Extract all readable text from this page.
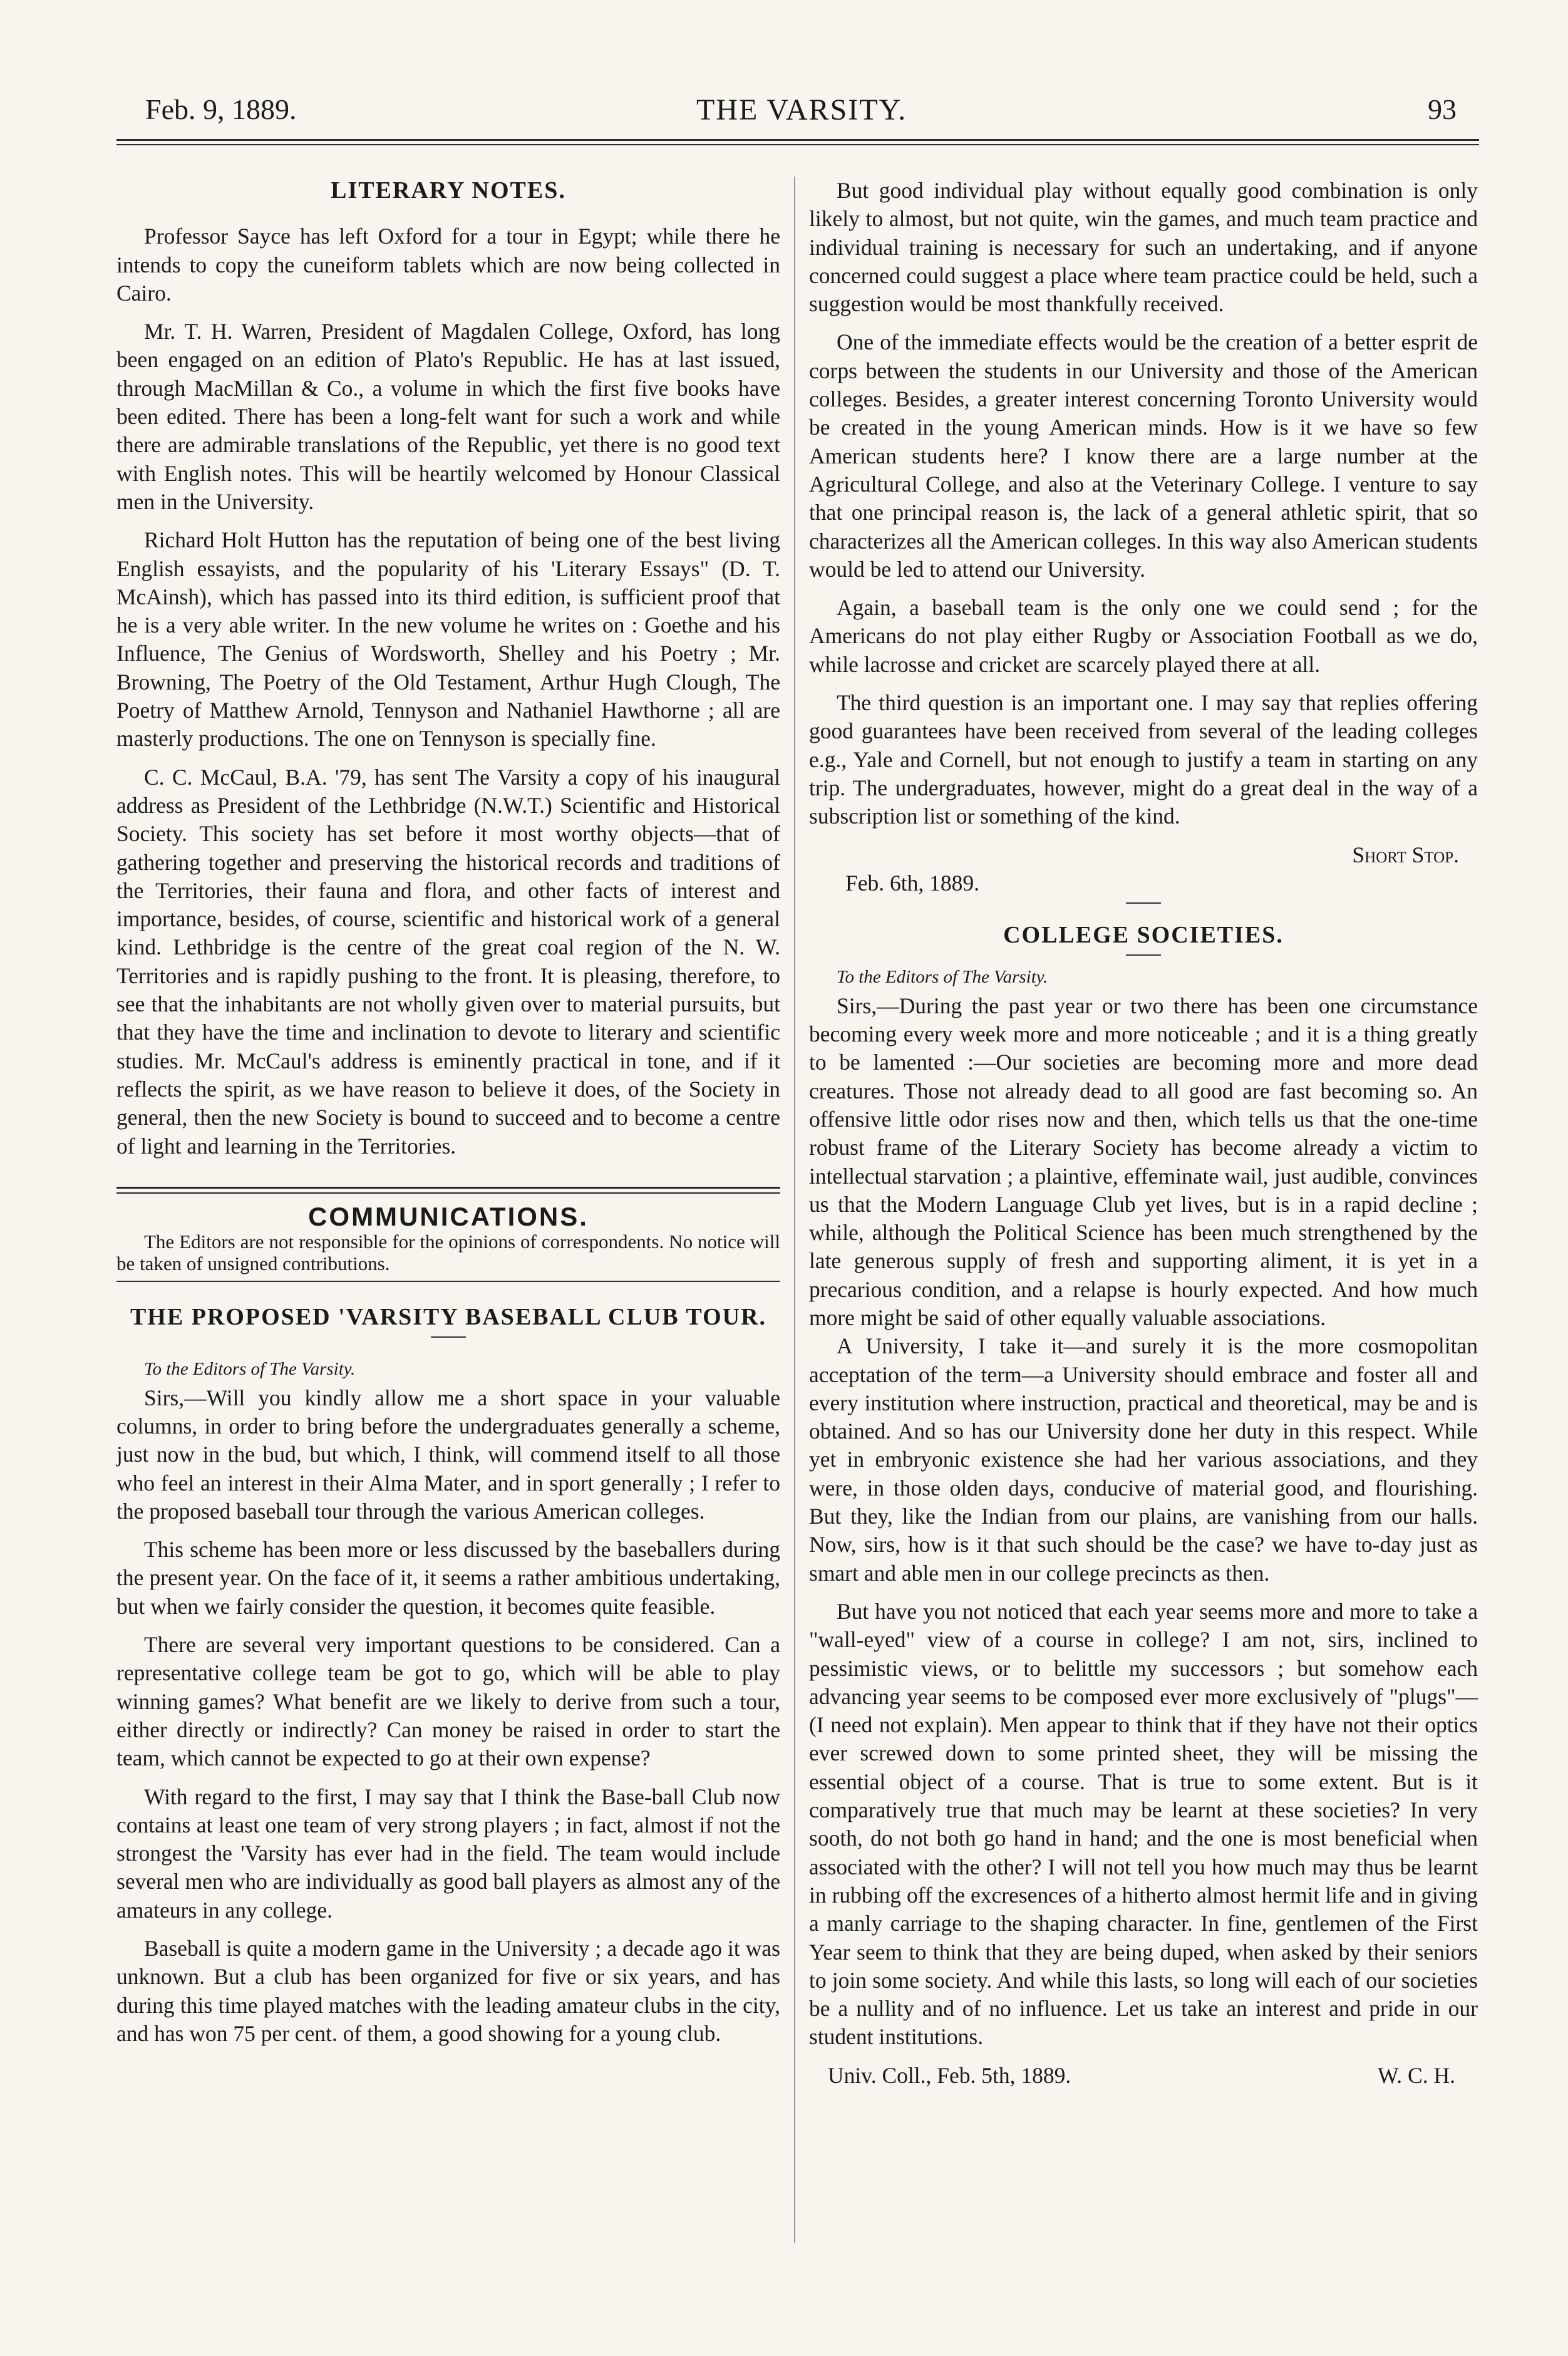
Feb. 9, 1889.	THE VARSITY.	93
LITERARY NOTES.

Professor Sayce has left Oxford for a tour in Egypt; while there he intends to copy the cuneiform tablets which are now being collected in Cairo.

Mr. T. H. Warren, President of Magdalen College, Oxford, has long been engaged on an edition of Plato's Republic. He has at last issued, through MacMillan & Co., a volume in which the first five books have been edited. There has been a long-felt want for such a work and while there are admirable translations of the Republic, yet there is no good text with English notes. This will be heartily welcomed by Honour Classical men in the University.

Richard Holt Hutton has the reputation of being one of the best living English essayists, and the popularity of his 'Literary Essays" (D. T. McAinsh), which has passed into its third edition, is sufficient proof that he is a very able writer. In the new volume he writes on : Goethe and his Influence, The Genius of Wordsworth, Shelley and his Poetry ; Mr. Browning, The Poetry of the Old Testament, Arthur Hugh Clough, The Poetry of Matthew Arnold, Tennyson and Nathaniel Hawthorne ; all are masterly productions. The one on Tennyson is specially fine.

C. C. McCaul, B.A. '79, has sent The Varsity a copy of his inaugural address as President of the Lethbridge (N.W.T.) Scientific and Historical Society. This society has set before it most worthy objects—that of gathering together and preserving the historical records and traditions of the Territories, their fauna and flora, and other facts of interest and importance, besides, of course, scientific and historical work of a general kind. Lethbridge is the centre of the great coal region of the N. W. Territories and is rapidly pushing to the front. It is pleasing, therefore, to see that the inhabitants are not wholly given over to material pursuits, but that they have the time and inclination to devote to literary and scientific studies. Mr. McCaul's address is eminently practical in tone, and if it reflects the spirit, as we have reason to believe it does, of the Society in general, then the new Society is bound to succeed and to become a centre of light and learning in the Territories.

COMMUNICATIONS.

The Editors are not responsible for the opinions of correspondents. No notice will be taken of unsigned contributions.

THE PROPOSED 'VARSITY BASEBALL CLUB TOUR.

To the Editors of The Varsity.

Sirs,—Will you kindly allow me a short space in your valuable columns, in order to bring before the undergraduates generally a scheme, just now in the bud, but which, I think, will commend itself to all those who feel an interest in their Alma Mater, and in sport generally ; I refer to the proposed baseball tour through the various American colleges.

This scheme has been more or less discussed by the baseballers during the present year. On the face of it, it seems a rather ambitious undertaking, but when we fairly consider the question, it becomes quite feasible.

There are several very important questions to be considered. Can a representative college team be got to go, which will be able to play winning games? What benefit are we likely to derive from such a tour, either directly or indirectly? Can money be raised in order to start the team, which cannot be expected to go at their own expense?

With regard to the first, I may say that I think the Base-ball Club now contains at least one team of very strong players ; in fact, almost if not the strongest the 'Varsity has ever had in the field. The team would include several men who are individually as good ball players as almost any of the amateurs in any college.

Baseball is quite a modern game in the University ; a decade ago it was unknown. But a club has been organized for five or six years, and has during this time played matches with the leading amateur clubs in the city, and has won 75 per cent. of them, a good showing for a young club.

But good individual play without equally good combination is only likely to almost, but not quite, win the games, and much team practice and individual training is necessary for such an undertaking, and if anyone concerned could suggest a place where team practice could be held, such a suggestion would be most thankfully received.

One of the immediate effects would be the creation of a better esprit de corps between the students in our University and those of the American colleges. Besides, a greater interest concerning Toronto University would be created in the young American minds. How is it we have so few American students here? I know there are a large number at the Agricultural College, and also at the Veterinary College. I venture to say that one principal reason is, the lack of a general athletic spirit, that so characterizes all the American colleges. In this way also American students would be led to attend our University.

Again, a baseball team is the only one we could send ; for the Americans do not play either Rugby or Association Football as we do, while lacrosse and cricket are scarcely played there at all.

The third question is an important one. I may say that replies offering good guarantees have been received from several of the leading colleges e.g., Yale and Cornell, but not enough to justify a team in starting on any trip. The undergraduates, however, might do a great deal in the way of a subscription list or something of the kind.

Short Stop.

Feb. 6th, 1889.

COLLEGE SOCIETIES.

To the Editors of The Varsity.

Sirs,—During the past year or two there has been one circumstance becoming every week more and more noticeable ; and it is a thing greatly to be lamented :—Our societies are becoming more and more dead creatures. Those not already dead to all good are fast becoming so. An offensive little odor rises now and then, which tells us that the one-time robust frame of the Literary Society has become already a victim to intellectual starvation ; a plaintive, effeminate wail, just audible, convinces us that the Modern Language Club yet lives, but is in a rapid decline ; while, although the Political Science has been much strengthened by the late generous supply of fresh and supporting aliment, it is yet in a precarious condition, and a relapse is hourly expected. And how much more might be said of other equally valuable associations.

A University, I take it—and surely it is the more cosmopolitan acceptation of the term—a University should embrace and foster all and every institution where instruction, practical and theoretical, may be and is obtained. And so has our University done her duty in this respect. While yet in embryonic existence she had her various associations, and they were, in those olden days, conducive of material good, and flourishing. But they, like the Indian from our plains, are vanishing from our halls. Now, sirs, how is it that such should be the case? we have to-day just as smart and able men in our college precincts as then.

But have you not noticed that each year seems more and more to take a "wall-eyed" view of a course in college? I am not, sirs, inclined to pessimistic views, or to belittle my successors ; but somehow each advancing year seems to be composed ever more exclusively of "plugs"—(I need not explain). Men appear to think that if they have not their optics ever screwed down to some printed sheet, they will be missing the essential object of a course. That is true to some extent. But is it comparatively true that much may be learnt at these societies? In very sooth, do not both go hand in hand; and the one is most beneficial when associated with the other? I will not tell you how much may thus be learnt in rubbing off the excresences of a hitherto almost hermit life and in giving a manly carriage to the shaping character. In fine, gentlemen of the First Year seem to think that they are being duped, when asked by their seniors to join some society. And while this lasts, so long will each of our societies be a nullity and of no influence. Let us take an interest and pride in our student institutions.

Univ. Coll., Feb. 5th, 1889.	W. C. H.
